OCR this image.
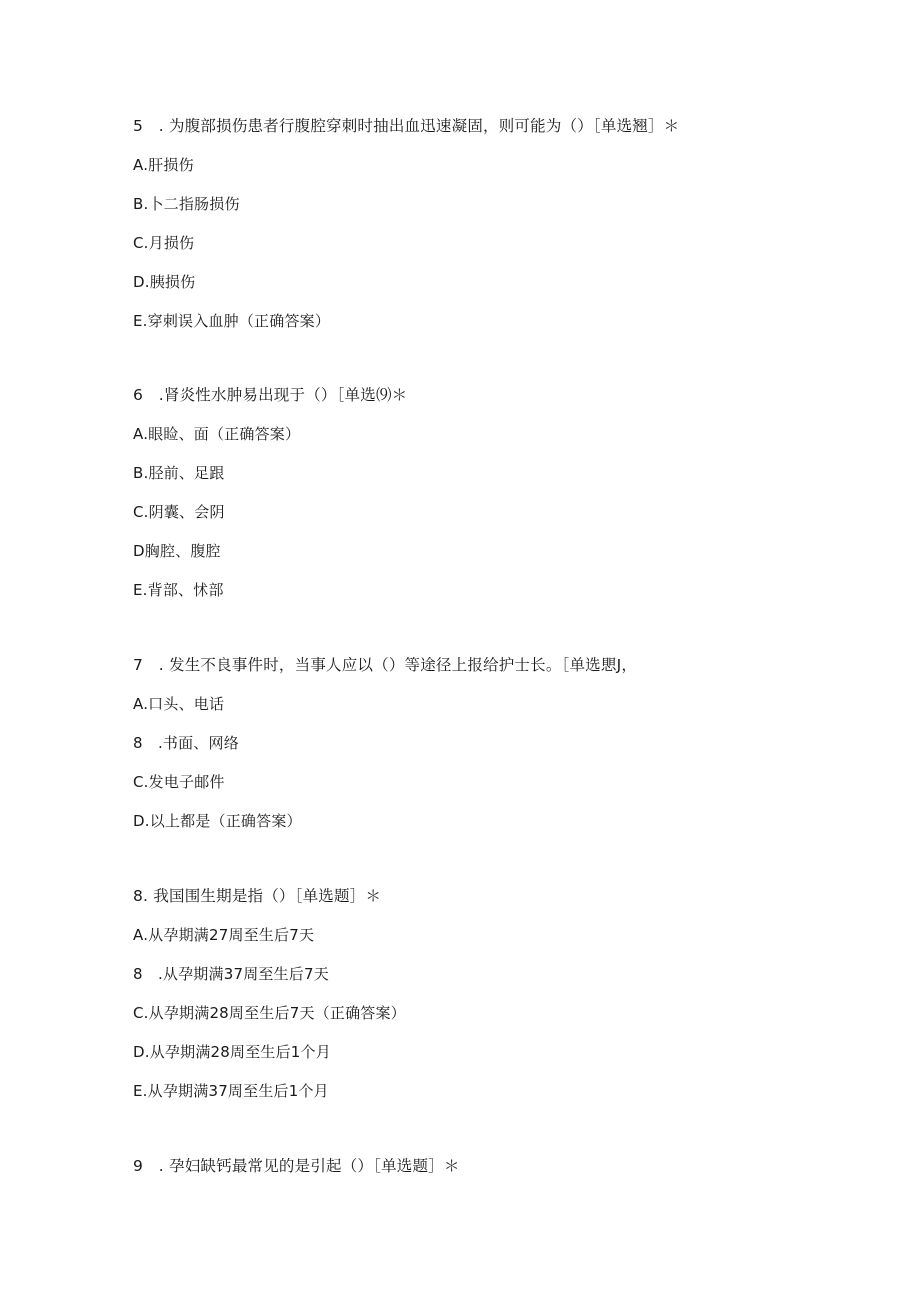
5　. 为腹部损伤患者行腹腔穿刺时抽出血迅速凝固，则可能为（）［单选翘］＊
A.肝损伤
B.卜二指肠损伤
C.月损伤
D.胰损伤
E.穿刺误入血肿（正确答案）
6　.肾炎性水肿易出现于（）［单选⑼＊
A.眼睑、面（正确答案）
B.胫前、足跟
C.阴囊、会阴
D胸腔、腹腔
E.背部、怵部
7　. 发生不良事件时，当事人应以（）等途径上报给护士长。［单选愳J，
A.口头、电话
8　.书面、网络
C.发电子邮件
D.以上都是（正确答案）
8. 我国围生期是指（）［单选题］＊
A.从孕期满27周至生后7天
8　.从孕期满37周至生后7天
C.从孕期满28周至生后7天（正确答案）
D.从孕期满28周至生后1个月
E.从孕期满37周至生后1个月
9　. 孕妇缺钙最常见的是引起（）［单选题］＊
